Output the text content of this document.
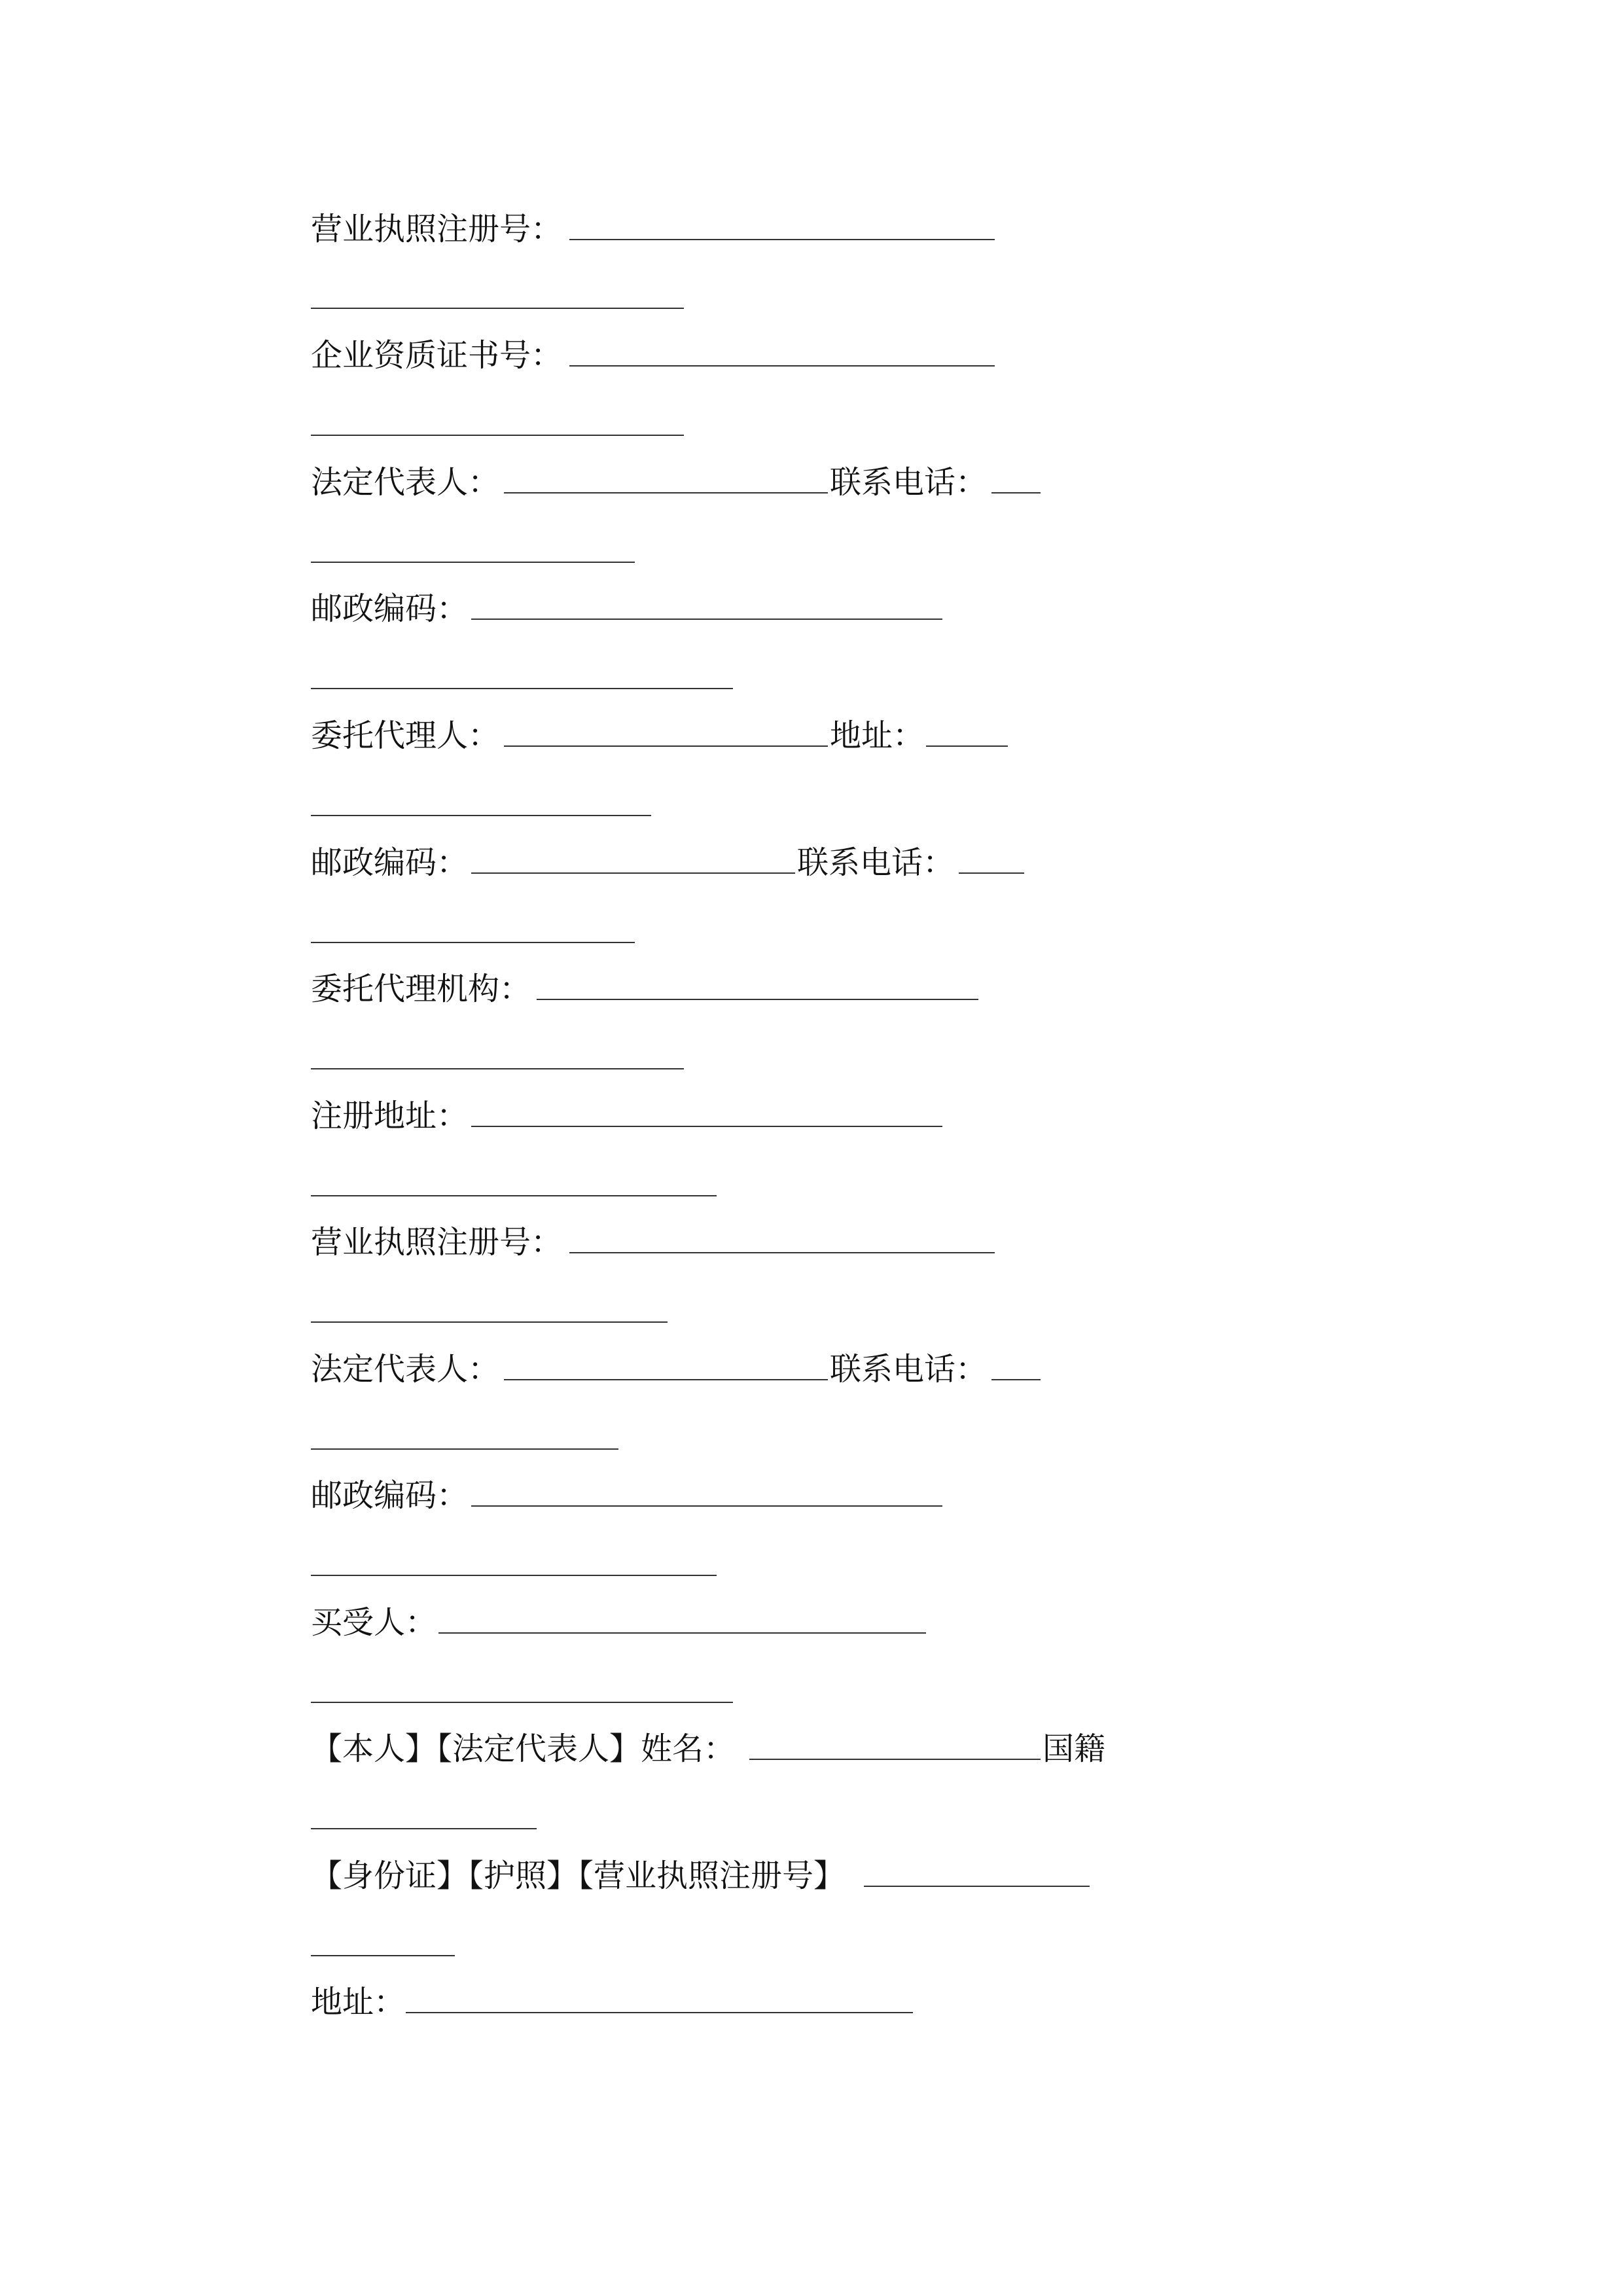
营业执照注册号：
企业资质证书号：
法定代表人：	联系电话：
邮政编码：
委托代理人：	地址：
邮政编码：	联系电话：
委托代理机构：
注册地址：
营业执照注册号：
法定代表人：	联系电话：
邮政编码：
买受人：
【本人】【法定代表人】姓名：	国籍
【身份证】【护照】【营业执照注册号】
地址：
